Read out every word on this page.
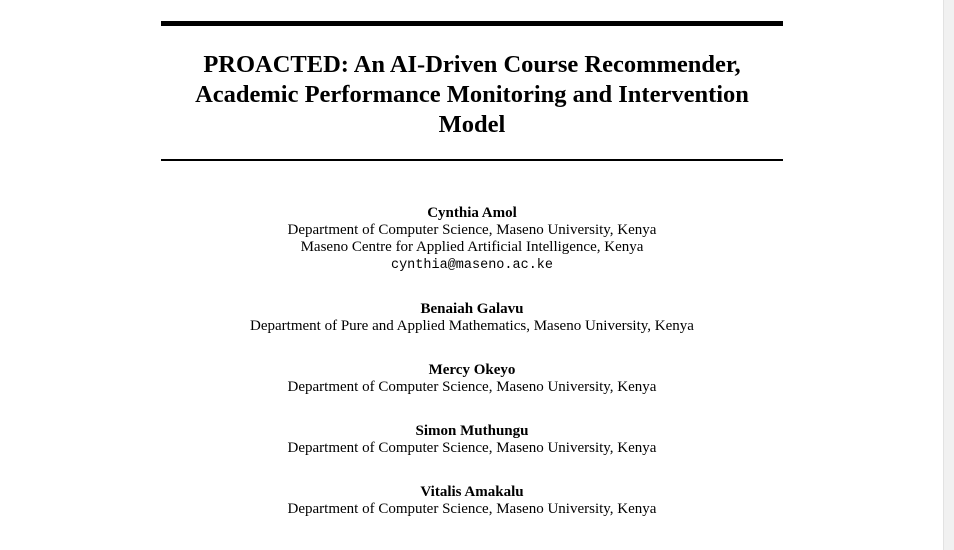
PROACTED: An AI-Driven Course Recommender,
Academic Performance Monitoring and Intervention
Model
Cynthia Amol
Department of Computer Science, Maseno University, Kenya
Maseno Centre for Applied Artificial Intelligence, Kenya
cynthia@maseno.ac.ke
Benaiah Galavu
Department of Pure and Applied Mathematics, Maseno University, Kenya
Mercy Okeyo
Department of Computer Science, Maseno University, Kenya
Simon Muthungu
Department of Computer Science, Maseno University, Kenya
Vitalis Amakalu
Department of Computer Science, Maseno University, Kenya
